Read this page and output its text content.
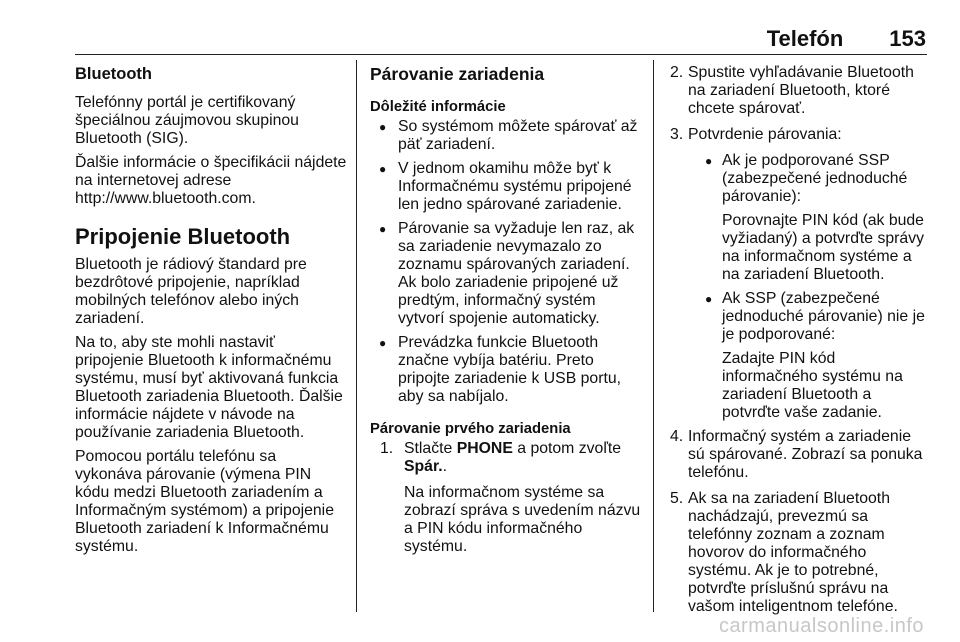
Telefón 153
Bluetooth

Telefónny portál je certifikovaný špeciálnou záujmovou skupinou Bluetooth (SIG).

Ďalšie informácie o špecifikácii nájdete na internetovej adrese http://www.bluetooth.com.

Pripojenie Bluetooth

Bluetooth je rádiový štandard pre bezdrôtové pripojenie, napríklad mobilných telefónov alebo iných zariadení.

Na to, aby ste mohli nastaviť pripojenie Bluetooth k informačnému systému, musí byť aktivovaná funkcia Bluetooth zariadenia Bluetooth. Ďalšie informácie nájdete v návode na používanie zariadenia Bluetooth.

Pomocou portálu telefónu sa vykonáva párovanie (výmena PIN kódu medzi Bluetooth zariadením a Informačným systémom) a pripojenie Bluetooth zariadení k Informačnému systému.

Párovanie zariadenia
Dôležité informácie
● So systémom môžete spárovať až päť zariadení.
● V jednom okamihu môže byť k Informačnému systému pripojené len jedno spárované zariadenie.
● Párovanie sa vyžaduje len raz, ak sa zariadenie nevymazalo zo zoznamu spárovaných zariadení. Ak bolo zariadenie pripojené už predtým, informačný systém vytvorí spojenie automaticky.
● Prevádzka funkcie Bluetooth značne vybíja batériu. Preto pripojte zariadenie k USB portu, aby sa nabíjalo.
Párovanie prvého zariadenia
1. Stlačte PHONE a potom zvoľte Spár..

Na informačnom systéme sa zobrazí správa s uvedením názvu a PIN kódu informačného systému.

2. Spustite vyhľadávanie Bluetooth na zariadení Bluetooth, ktoré chcete spárovať.
3. Potvrdenie párovania:
● Ak je podporované SSP (zabezpečené jednoduché párovanie):

Porovnajte PIN kód (ak bude vyžiadaný) a potvrďte správy na informačnom systéme a na zariadení Bluetooth.

● Ak SSP (zabezpečené jednoduché párovanie) nie je je podporované:

Zadajte PIN kód informačného systému na zariadení Bluetooth a potvrďte vaše zadanie.

4. Informačný systém a zariadenie sú spárované. Zobrazí sa ponuka telefónu.
5. Ak sa na zariadení Bluetooth nachádzajú, prevezmú sa telefónny zoznam a zoznam hovorov do informačného systému. Ak je to potrebné, potvrďte príslušnú správu na vašom inteligentnom telefóne.
carmanualsonline.info
